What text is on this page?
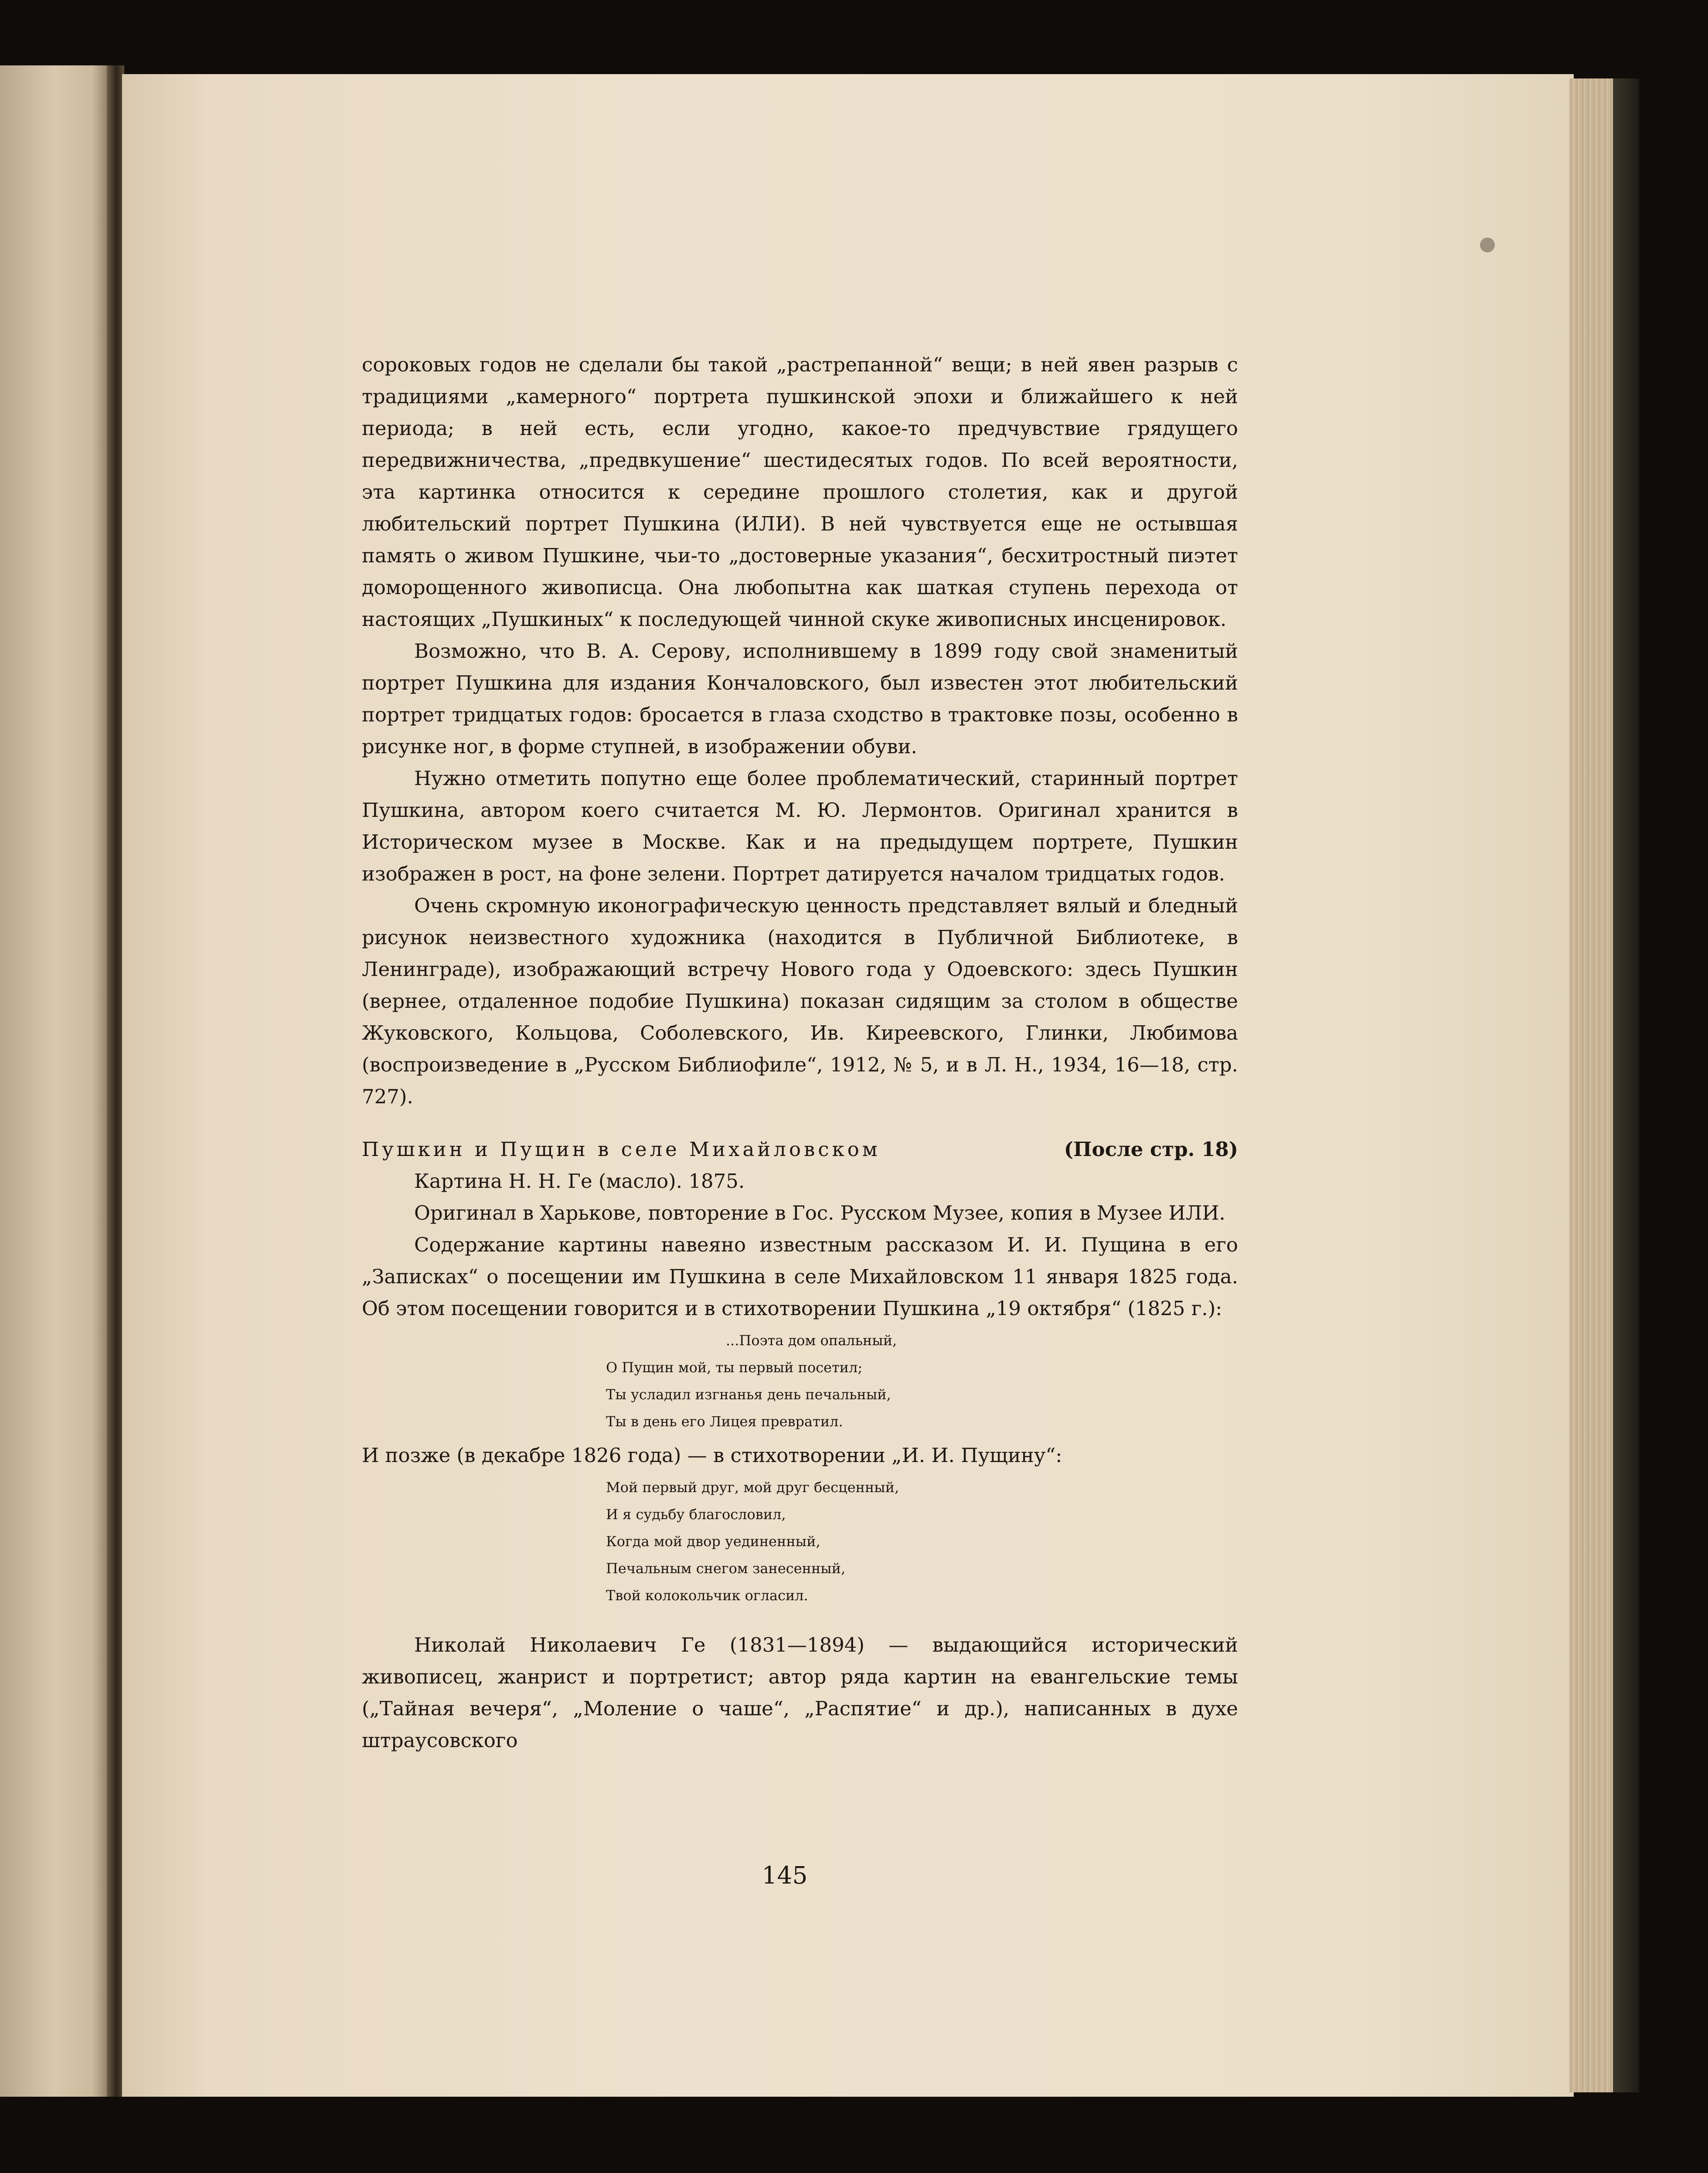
сороковых годов не сделали бы такой „растрепанной“ вещи; в ней явен разрыв с традициями „камерного“ портрета пушкинской эпохи и ближайшего к ней периода; в ней есть, если угодно, какое-то предчувствие грядущего передвижничества, „предвкушение“ шестидесятых годов. По всей вероятности, эта картинка относится к середине прошлого столетия, как и другой любительский портрет Пушкина (ИЛИ). В ней чувствуется еще не остывшая память о живом Пушкине, чьи-то „достоверные указания“, бесхитростный пиэтет доморощенного живописца. Она любопытна как шаткая ступень перехода от настоящих „Пушкиных“ к последующей чинной скуке живописных инсценировок.
Возможно, что В. А. Серову, исполнившему в 1899 году свой знаменитый портрет Пушкина для издания Кончаловского, был известен этот любительский портрет тридцатых годов: бросается в глаза сходство в трактовке позы, особенно в рисунке ног, в форме ступней, в изображении обуви.
Нужно отметить попутно еще более проблематический, старинный портрет Пушкина, автором коего считается М. Ю. Лермонтов. Оригинал хранится в Историческом музее в Москве. Как и на предыдущем портрете, Пушкин изображен в рост, на фоне зелени. Портрет датируется началом тридцатых годов.
Очень скромную иконографическую ценность представляет вялый и бледный рисунок неизвестного художника (находится в Публичной Библиотеке, в Ленинграде), изображающий встречу Нового года у Одоевского: здесь Пушкин (вернее, отдаленное подобие Пушкина) показан сидящим за столом в обществе Жуковского, Кольцова, Соболевского, Ив. Киреевского, Глинки, Любимова (воспроизведение в „Русском Библиофиле“, 1912, № 5, и в Л. Н., 1934, 16—18, стр. 727).
Пушкин и Пущин в селе Михайловском	(После стр. 18)
Картина Н. Н. Ге (масло). 1875.
Оригинал в Харькове, повторение в Гос. Русском Музее, копия в Музее ИЛИ.
Содержание картины навеяно известным рассказом И. И. Пущина в его „Записках“ о посещении им Пушкина в селе Михайловском 11 января 1825 года. Об этом посещении говорится и в стихотворении Пушкина „19 октября“ (1825 г.):
...Поэта дом опальный,
О Пущин мой, ты первый посетил;
Ты усладил изгнанья день печальный,
Ты в день его Лицея превратил.
И позже (в декабре 1826 года) — в стихотворении „И. И. Пущину“:
Мой первый друг, мой друг бесценный,
И я судьбу благословил,
Когда мой двор уединенный,
Печальным снегом занесенный,
Твой колокольчик огласил.
Николай Николаевич Ге (1831—1894) — выдающийся исторический живописец, жанрист и портретист; автор ряда картин на евангельские темы („Тайная вечеря“, „Моление о чаше“, „Распятие“ и др.), написанных в духе штраусовского
145
